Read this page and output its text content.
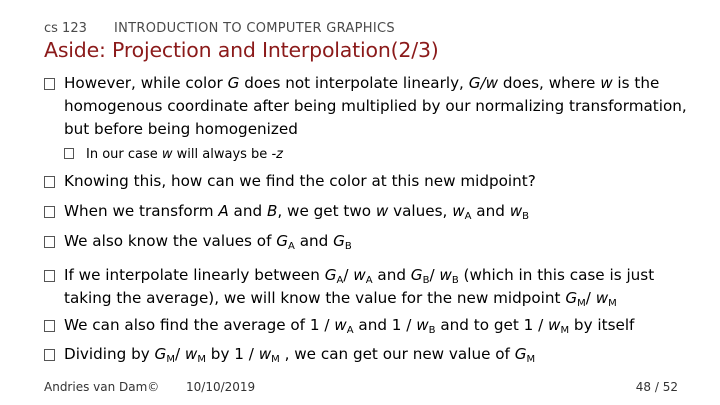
cs 123 INTRODUCTION TO COMPUTER GRAPHICS
Aside: Projection and Interpolation(2/3)
However, while color G does not interpolate linearly, G/w does, where w is the homogenous coordinate after being multiplied by our normalizing transformation, but before being homogenized
In our case w will always be -z
Knowing this, how can we find the color at this new midpoint?
When we transform A and B, we get two w values, $w_A$ and $w_B$
We also know the values of $G_A$ and $G_B$
If we interpolate linearly between $G_A/$ $w_A$ and $G_B/$ $w_B$ (which in this case is just taking the average), we will know the value for the new midpoint $G_M/$ $w_M$
We can also find the average of $1 / w_A$ and $1 / w_B$ and to get $1 / w_M$ by itself
Dividing by $G_M/$ $w_M$ by $1 / w_M$ , we can get our new value of $G_M$
Andries van Dam© 10/10/2019	48 / 52
